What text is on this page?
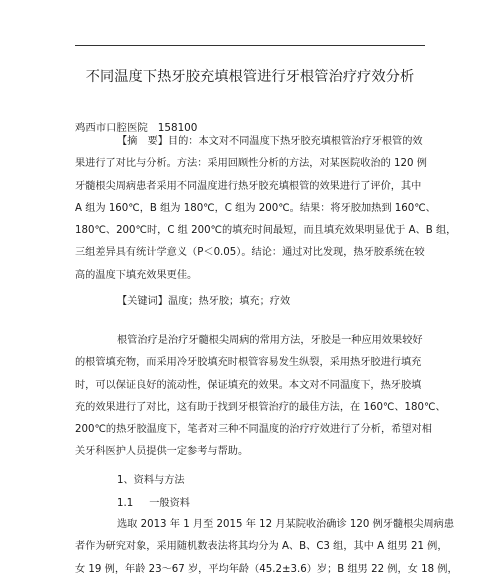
不同温度下热牙胶充填根管进行牙根管治疗疗效分析
鸡西市口腔医院 158100
【摘　要】目的：本文对不同温度下热牙胶充填根管治疗牙根管的效
果进行了对比与分析。方法：采用回顾性分析的方法，对某医院收治的 120 例
牙髓根尖周病患者采用不同温度进行热牙胶充填根管的效果进行了评价，其中
A 组为 160℃，B 组为 180℃，C 组为 200℃。结果：将牙胶加热到 160℃、
180℃、200℃时，C 组 200℃的填充时间最短，而且填充效果明显优于 A、B 组，
三组差异具有统计学意义（P＜0.05）。结论：通过对比发现，热牙胶系统在较
高的温度下填充效果更佳。
【关键词】温度；热牙胶；填充；疗效
根管治疗是治疗牙髓根尖周病的常用方法，牙胶是一种应用效果较好
的根管填充物，而采用冷牙胶填充时根管容易发生纵裂，采用热牙胶进行填充
时，可以保证良好的流动性，保证填充的效果。本文对不同温度下，热牙胶填
充的效果进行了对比，这有助于找到牙根管治疗的最佳方法，在 160℃、180℃、
200℃的热牙胶温度下，笔者对三种不同温度的治疗疗效进行了分析，希望对相
关牙科医护人员提供一定参考与帮助。
1、资料与方法
1.1 一般资料
选取 2013 年 1 月至 2015 年 12 月某院收治确诊 120 例牙髓根尖周病患
者作为研究对象，采用随机数表法将其均分为 A、B、C3 组，其中 A 组男 21 例，
女 19 例，年龄 23～67 岁，平均年龄（45.2±3.6）岁；B 组男 22 例，女 18 例，
